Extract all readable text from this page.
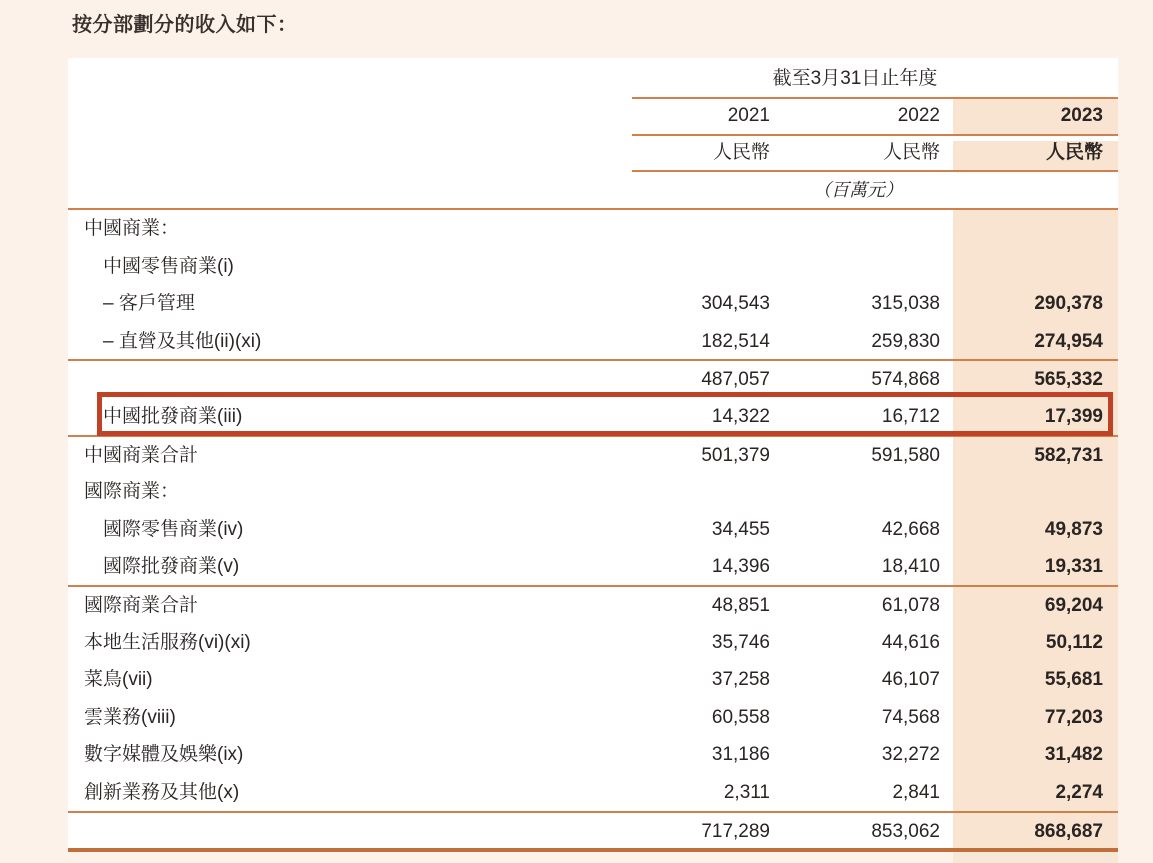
按分部劃分的收入如下：
截至3月31日止年度
2021	2022	2023
人民幣	人民幣	人民幣
（百萬元）
中國商業：
中國零售商業(i)
– 客戶管理	304,543	315,038	290,378
– 直營及其他(ii)(xi)	182,514	259,830	274,954
487,057	574,868	565,332
中國批發商業(iii)	14,322	16,712	17,399
中國商業合計	501,379	591,580	582,731
國際商業：
國際零售商業(iv)	34,455	42,668	49,873
國際批發商業(v)	14,396	18,410	19,331
國際商業合計	48,851	61,078	69,204
本地生活服務(vi)(xi)	35,746	44,616	50,112
菜鳥(vii)	37,258	46,107	55,681
雲業務(viii)	60,558	74,568	77,203
數字媒體及娛樂(ix)	31,186	32,272	31,482
創新業務及其他(x)	2,311	2,841	2,274
717,289	853,062	868,687
